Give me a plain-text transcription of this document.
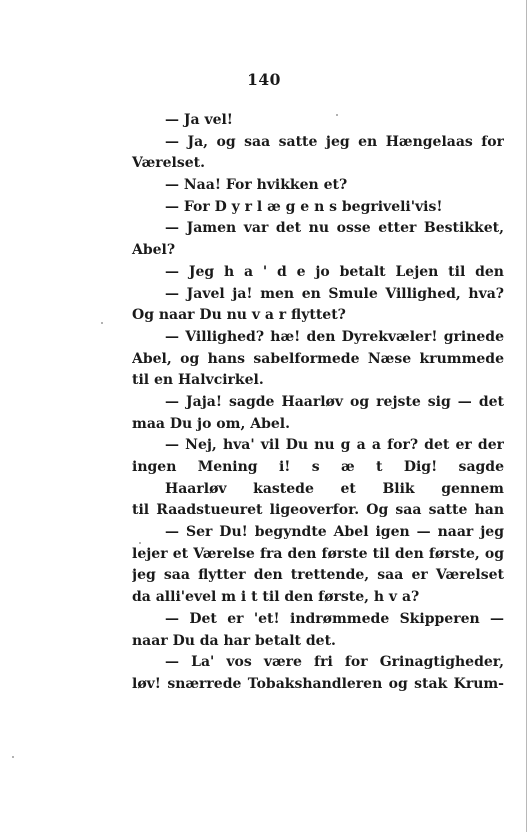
140
— Ja vel!
— Ja, og saa satte jeg en Hængelaas for
Værelset.
— Naa! For hvikken et?
— For D y r l æ g e n s begriveli'vis!
— Jamen var det nu osse etter Bestikket,
Abel?
— Jeg h a ' d e jo betalt Lejen til den
— Javel ja! men en Smule Villighed, hva?
Og naar Du nu v a r flyttet?
— Villighed? hæ! den Dyrekvæler! grinede
Abel, og hans sabelformede Næse krummede
til en Halvcirkel.
— Jaja! sagde Haarløv og rejste sig — det
maa Du jo om, Abel.
— Nej, hva' vil Du nu g a a for? det er der
ingen Mening i! s æ t Dig! sagde
Haarløv kastede et Blik gennem
til Raadstueuret ligeoverfor. Og saa satte han
— Ser Du! begyndte Abel igen — naar jeg
lejer et Værelse fra den første til den første, og
jeg saa flytter den trettende, saa er Værelset
da alli'evel m i t til den første, h v a?
— Det er 'et! indrømmede Skipperen —
naar Du da har betalt det.
— La' vos være fri for Grinagtigheder,
løv! snærrede Tobakshandleren og stak Krum-
